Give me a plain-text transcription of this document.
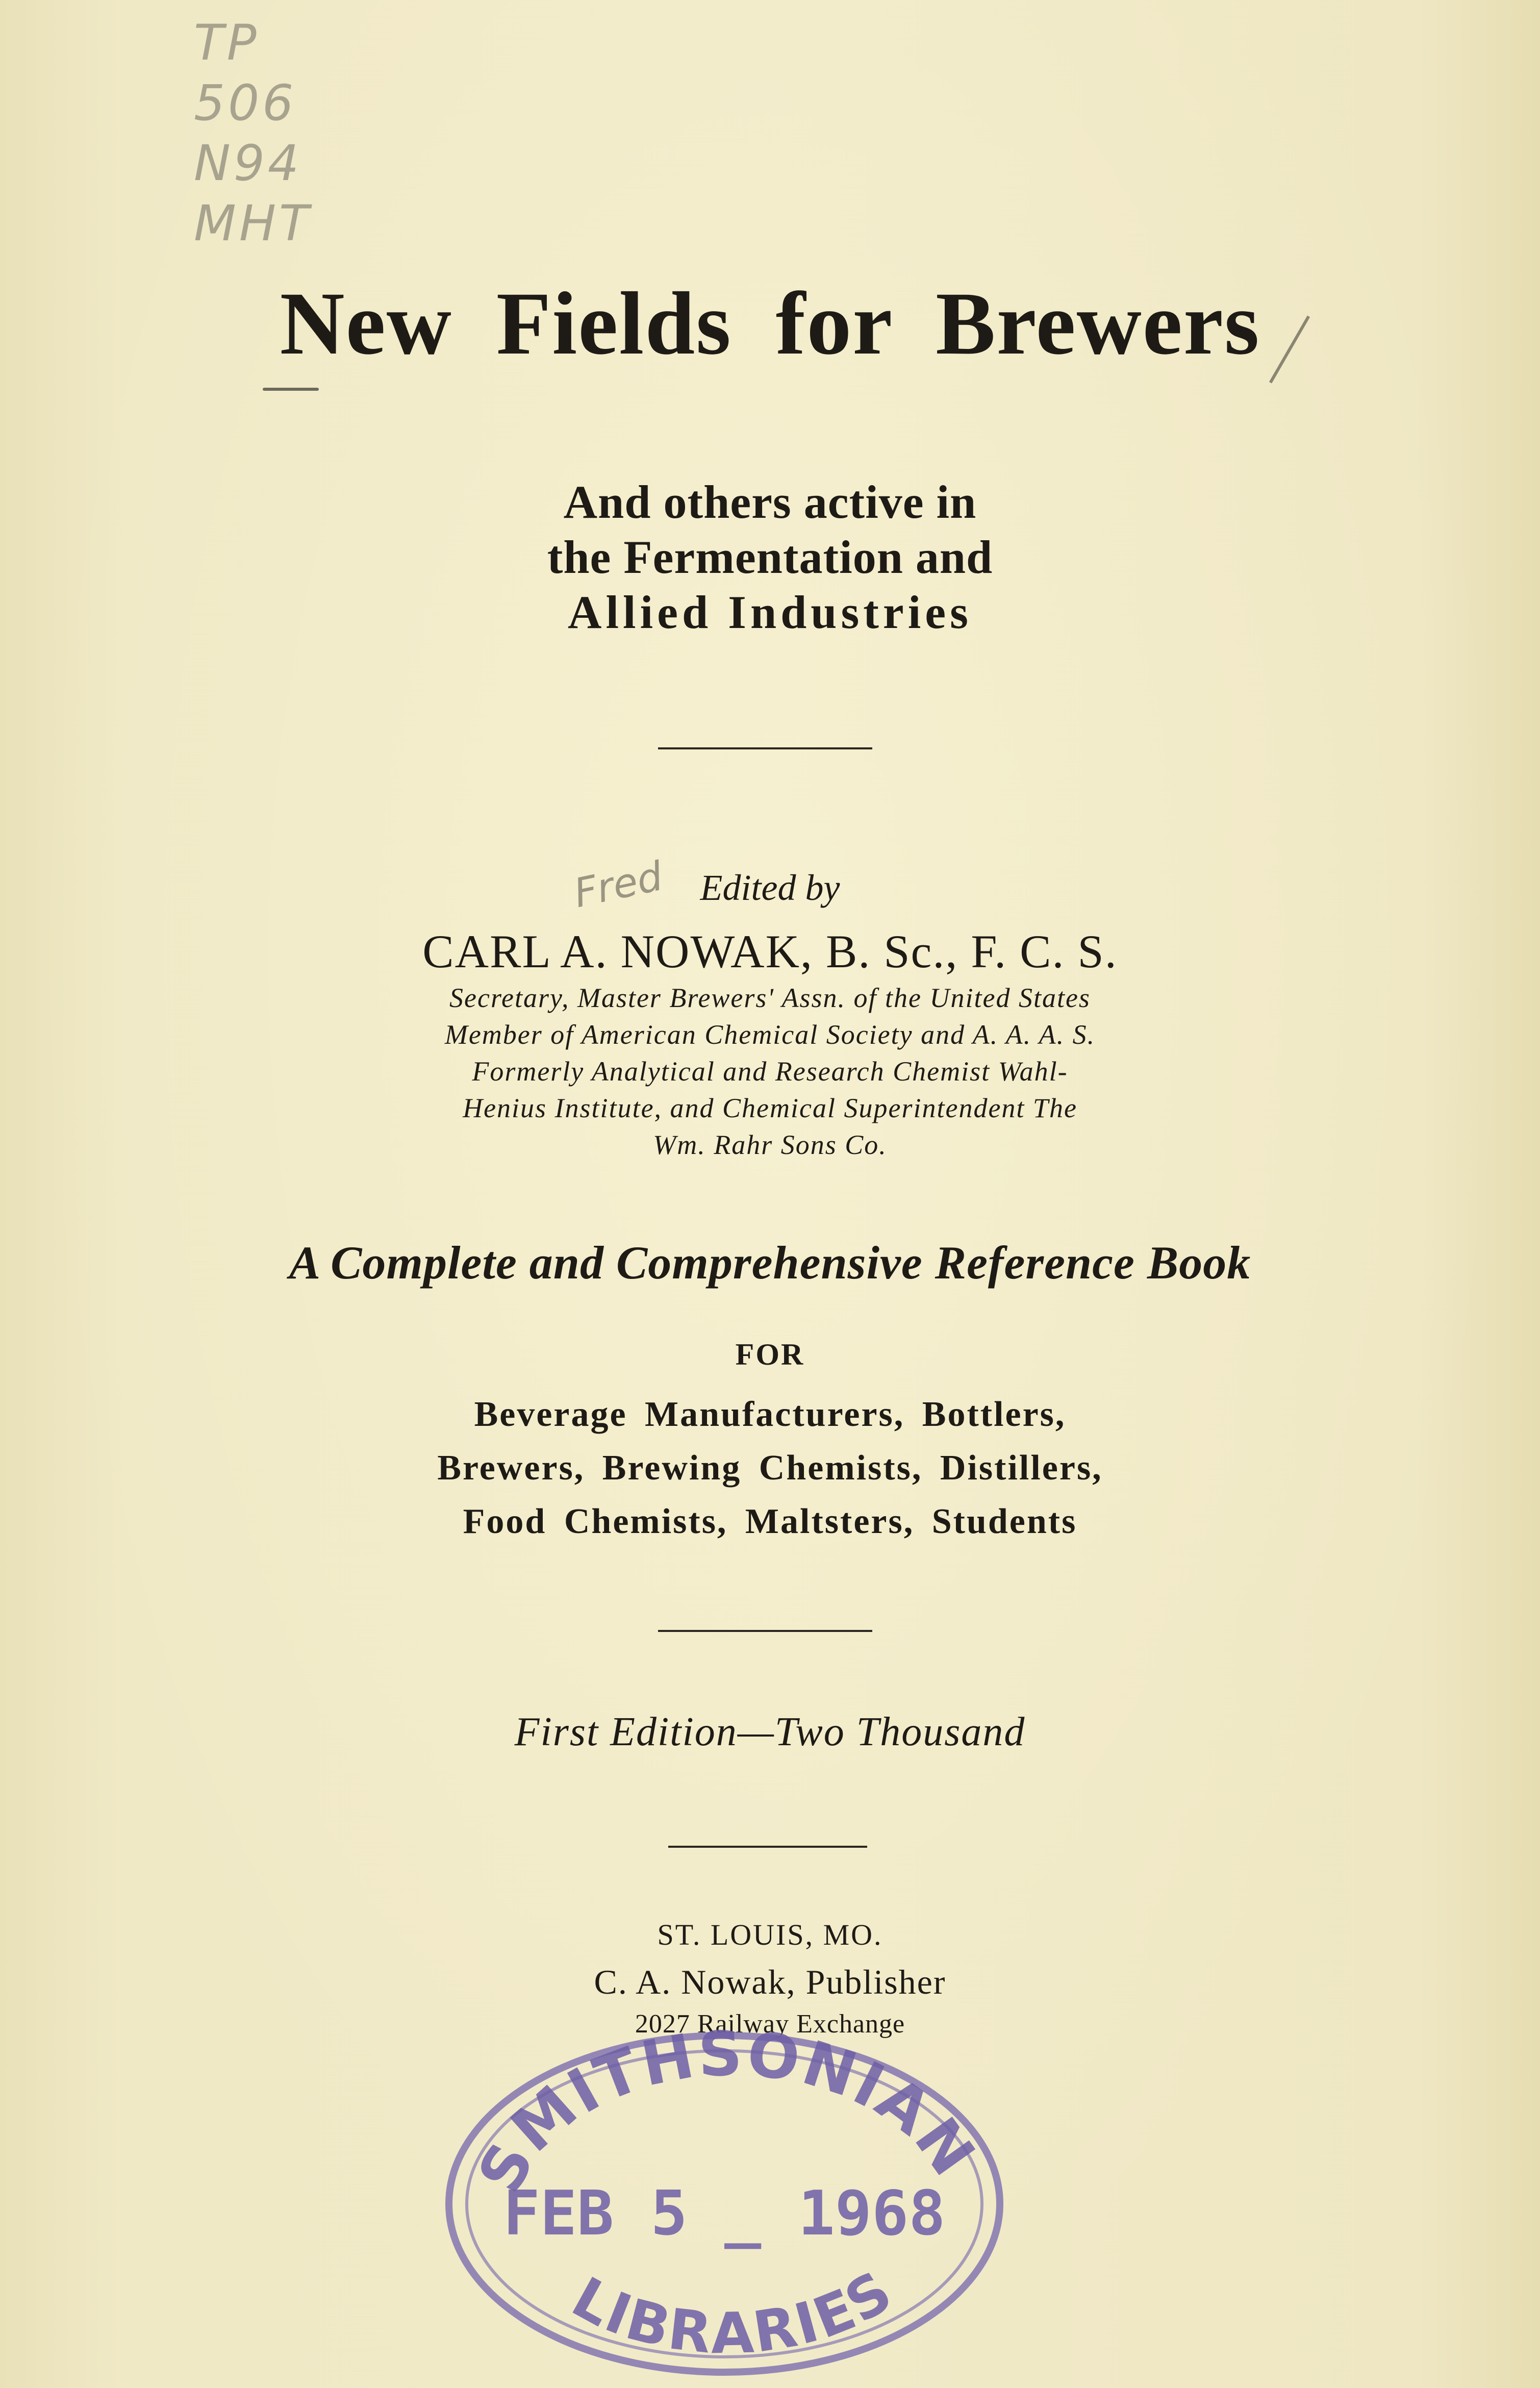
TP
506
N94
MHT
New Fields for Brewers
And others active in
the Fermentation and
Allied Industries
Edited by
Fred
CARL A. NOWAK, B. Sc., F. C. S.
Secretary, Master Brewers' Assn. of the United States
Member of American Chemical Society and A. A. A. S.
Formerly Analytical and Research Chemist Wahl-
Henius Institute, and Chemical Superintendent The
Wm. Rahr Sons Co.
A Complete and Comprehensive Reference Book
FOR
Beverage Manufacturers, Bottlers,
Brewers, Brewing Chemists, Distillers,
Food Chemists, Maltsters, Students
First Edition—Two Thousand
ST. LOUIS, MO.
C. A. Nowak, Publisher
2027 Railway Exchange
SMITHSONIAN
FEB 5 _ 1968
LIBRARIES
